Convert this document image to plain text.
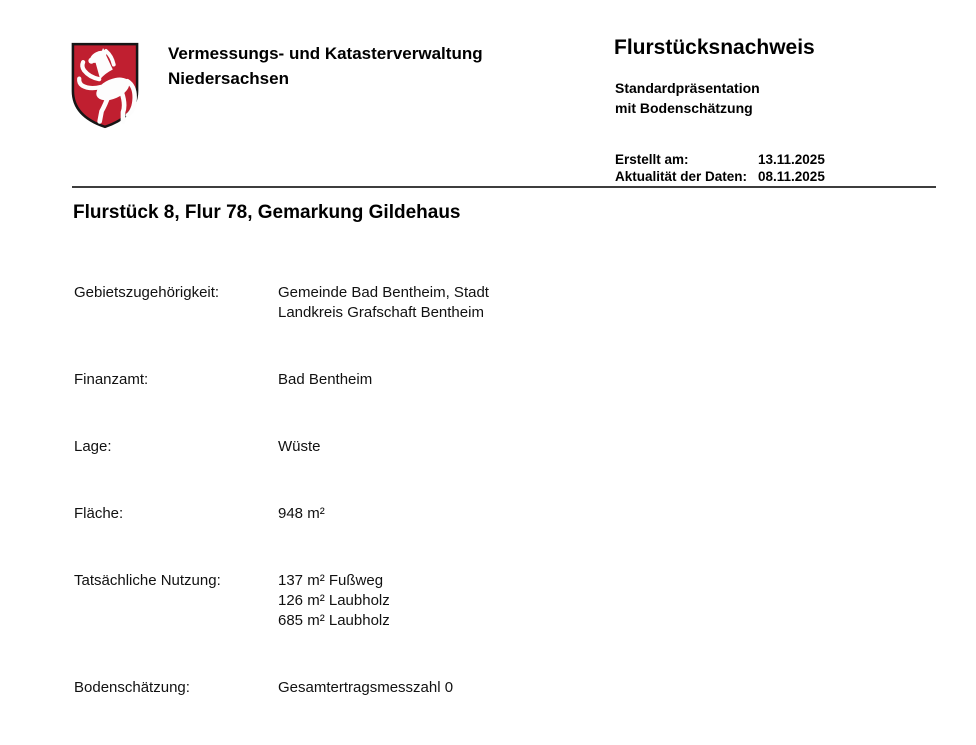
Vermessungs- und Katasterverwaltung
Niedersachsen
Flurstücksnachweis
Standardpräsentation
mit Bodenschätzung
Erstellt am:	13.11.2025
Aktualität der Daten: 08.11.2025
Flurstück 8, Flur 78, Gemarkung Gildehaus
Gebietszugehörigkeit:	Gemeinde Bad Bentheim, Stadt
Landkreis Grafschaft Bentheim
Finanzamt:	Bad Bentheim
Lage:	Wüste
Fläche:	948 m²
Tatsächliche Nutzung:	137 m² Fußweg
126 m² Laubholz
685 m² Laubholz
Bodenschätzung:	Gesamtertragsmesszahl 0
